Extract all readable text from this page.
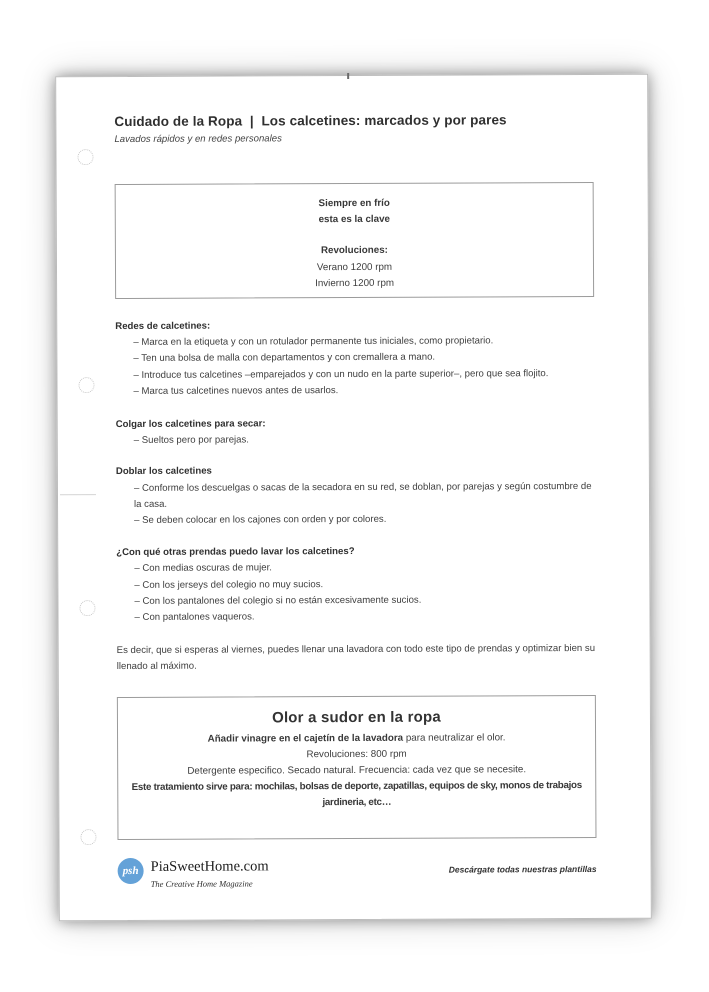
Cuidado de la Ropa  |  Los calcetines: marcados y por pares
Lavados rápidos y en redes personales
Siempre en frío
esta es la clave
Revoluciones:
Verano 1200 rpm
Invierno 1200 rpm
Redes de calcetines:
– Marca en la etiqueta y con un rotulador permanente tus iniciales, como propietario.
– Ten una bolsa de malla con departamentos y con cremallera a mano.
– Introduce tus calcetines –emparejados y con un nudo en la parte superior–, pero que sea flojito.
– Marca tus calcetines nuevos antes de usarlos.
Colgar los calcetines para secar:
– Sueltos pero por parejas.
Doblar los calcetines
– Conforme los descuelgas o sacas de la secadora en su red, se doblan, por parejas y según costumbre de la casa.
– Se deben colocar en los cajones con orden y por colores.
¿Con qué otras prendas puedo lavar los calcetines?
– Con medias oscuras de mujer.
– Con los jerseys del colegio no muy sucios.
– Con los pantalones del colegio si no están excesivamente sucios.
– Con pantalones vaqueros.
Es decir, que si esperas al viernes, puedes llenar una lavadora con todo este tipo de prendas y optimizar bien su llenado al máximo.
Olor a sudor en la ropa
Añadir vinagre en el cajetín de la lavadora para neutralizar el olor.
Revoluciones: 800 rpm
Detergente especifico. Secado natural. Frecuencia: cada vez que se necesite.
Este tratamiento sirve para: mochilas, bolsas de deporte, zapatillas, equipos de sky, monos de trabajos jardineria, etc…
psh PiaSweetHome.com
The Creative Home Magazine
Descárgate todas nuestras plantillas
